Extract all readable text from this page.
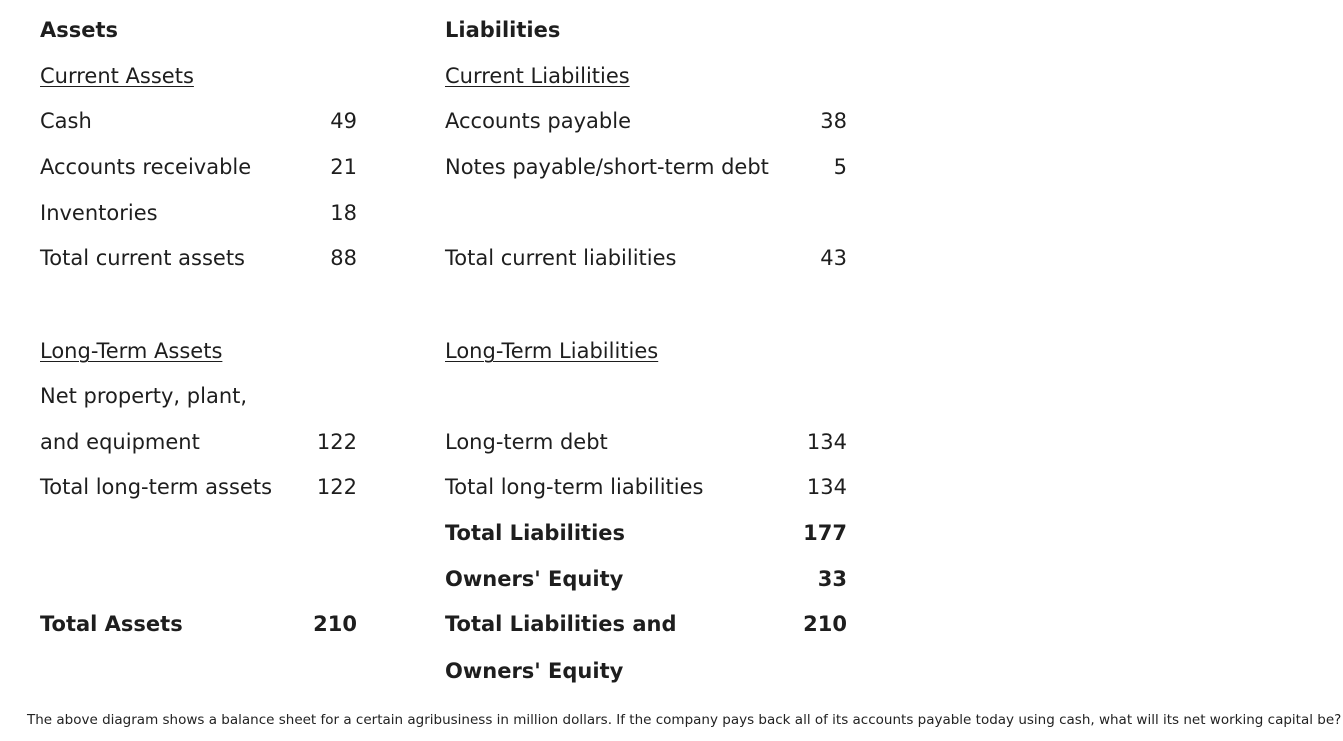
Assets
Current Assets
Cash	49
Accounts receivable	21
Inventories	18
Total current assets	88
Long-Term Assets
Net property, plant,
and equipment	122
Total long-term assets 122
Total Assets	210
Liabilities
Current Liabilities
Accounts payable	38
Notes payable/short-term debt	5
Total current liabilities	43
Long-Term Liabilities
Long-term debt	134
Total long-term liabilities	134
Total Liabilities	177
Owners' Equity	33
Total Liabilities and	210
Owners' Equity
The above diagram shows a balance sheet for a certain agribusiness in million dollars. If the company pays back all of its accounts payable today using cash, what will its net working capital be?
